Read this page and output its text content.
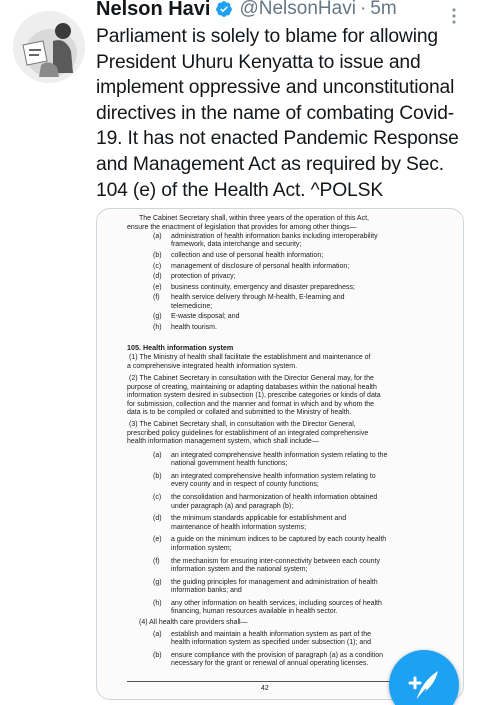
Nelson Havi @NelsonHavi · 5m
Parliament is solely to blame for allowing President Uhuru Kenyatta to issue and implement oppressive and unconstitutional directives in the name of combating Covid-19. It has not enacted Pandemic Response and Management Act as required by Sec. 104 (e) of the Health Act. ^POLSK
The Cabinet Secretary shall, within three years of the operation of this Act,
ensure the enactment of legislation that provides for among other things—
(a) administration of health information banks including interoperability
framework, data interchange and security;
(b) collection and use of personal health information;
(c) management of disclosure of personal health information;
(d) protection of privacy;
(e) business continuity, emergency and disaster preparedness;
(f) health service delivery through M-health, E-learning and
telemedicine;
(g) E-waste disposal; and
(h) health tourism.
105. Health information system
(1) The Ministry of health shall facilitate the establishment and maintenance of
a comprehensive integrated health information system.
(2) The Cabinet Secretary in consultation with the Director General may, for the
purpose of creating, maintaining or adapting databases within the national health
information system desired in subsection (1), prescribe categories or kinds of data
for submission, collection and the manner and format in which and by whom the
data is to be compiled or collated and submitted to the Ministry of health.
(3) The Cabinet Secretary shall, in consultation with the Director General,
prescribed policy guidelines for establishment of an integrated comprehensive
health information management system, which shall include—
(a) an integrated comprehensive health information system relating to the
national government health functions;
(b) an integrated comprehensive health information system relating to
every county and in respect of county functions;
(c) the consolidation and harmonization of health information obtained
under paragraph (a) and paragraph (b);
(d) the minimum standards applicable for establishment and
maintenance of health information systems;
(e) a guide on the minimum indices to be captured by each county health
information system;
(f) the mechanism for ensuring inter-connectivity between each county
information system and the national system;
(g) the guiding principles for management and administration of health
information banks; and
(h) any other information on health services, including sources of health
financing, human resources available in health sector.
(4) All health care providers shall—
(a) establish and maintain a health information system as part of the
health information system as specified under subsection (1); and
(b) ensure compliance with the provision of paragraph (a) as a condition
necessary for the grant or renewal of annual operating licenses.
42
